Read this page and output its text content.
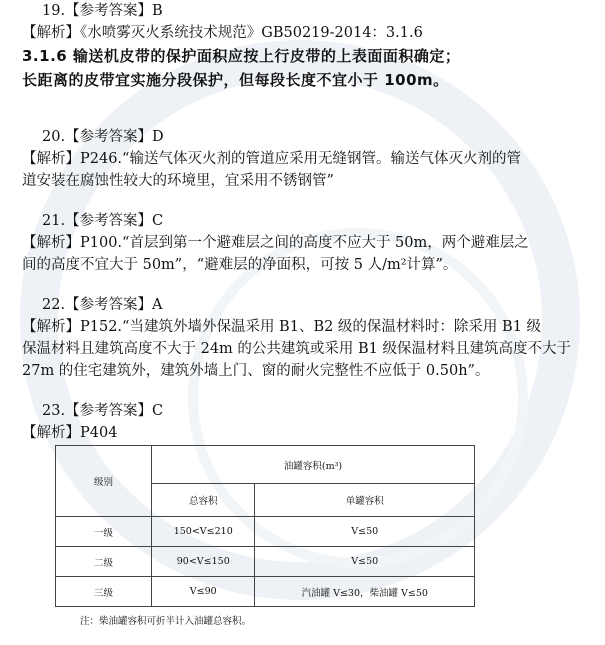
19.【参考答案】B
【解析】《水喷雾灭火系统技术规范》GB50219-2014：3.1.6
3.1.6 输送机皮带的保护面积应按上行皮带的上表面面积确定；
长距离的皮带宜实施分段保护，但每段长度不宜小于 100m。
20.【参考答案】D
【解析】P246.“输送气体灭火剂的管道应采用无缝钢管。输送气体灭火剂的管
道安装在腐蚀性较大的环境里，宜采用不锈钢管”
21.【参考答案】C
【解析】P100.“首层到第一个避难层之间的高度不应大于 50m，两个避难层之
间的高度不宜大于 50m”，“避难层的净面积，可按 5 人/m²计算”。
22.【参考答案】A
【解析】P152.“当建筑外墙外保温采用 B1、B2 级的保温材料时：除采用 B1 级
保温材料且建筑高度不大于 24m 的公共建筑或采用 B1 级保温材料且建筑高度不大于
27m 的住宅建筑外，建筑外墙上门、窗的耐火完整性不应低于 0.50h”。
23.【参考答案】C
【解析】P404
级别	油罐容积(m³)	
	总容积	单罐容积
一级	150<V≤210	V≤50
二级	90<V≤150	V≤50
三级	V≤90	汽油罐 V≤30，柴油罐 V≤50
注：柴油罐容积可折半计入油罐总容积。
